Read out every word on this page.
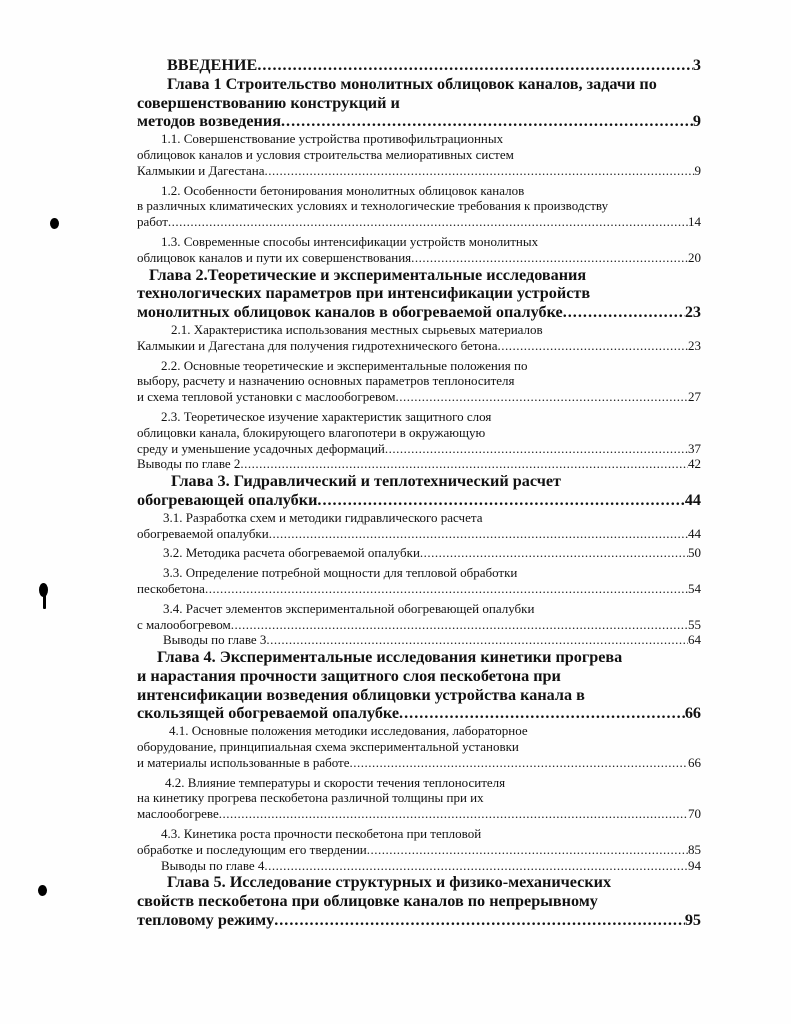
ВВЕДЕНИЕ .....	3
Глава 1 Строительство монолитных облицовок каналов, задачи по
совершенствованию конструкций и
методов возведения .....	9
1.1. Совершенствование устройства противофильтрационных
облицовок каналов и условия строительства мелиоративных систем
Калмыкии и Дагестана .....	9
1.2. Особенности бетонирования монолитных облицовок каналов
в различных климатических условиях и технологические требования к производству
работ .....	14
1.3. Современные способы интенсификации устройств монолитных
облицовок каналов и пути их совершенствования .....	20
Глава 2.Теоретические и экспериментальные исследования
технологических параметров при интенсификации устройств
монолитных облицовок каналов в обогреваемой опалубке .....	23
2.1. Характеристика использования местных сырьевых материалов
Калмыкии и Дагестана для получения гидротехнического бетона .....	23
2.2. Основные теоретические и экспериментальные положения по
выбору, расчету и назначению основных параметров теплоносителя
и схема тепловой установки с маслообогревом .....	27
2.3. Теоретическое изучение характеристик защитного слоя
облицовки канала, блокирующего влагопотери в окружающую
среду и уменьшение усадочных деформаций .....	37
Выводы по главе 2 .....	42
Глава 3. Гидравлический и теплотехнический расчет
обогревающей опалубки .....	44
3.1. Разработка схем и методики гидравлического расчета
обогреваемой опалубки .....	44
3.2. Методика расчета обогреваемой опалубки .....	50
3.3. Определение потребной мощности для тепловой обработки
пескобетона .....	54
3.4. Расчет элементов экспериментальной обогревающей опалубки
с малообогревом .....	55
Выводы по главе 3 .....	64
Глава 4. Экспериментальные исследования кинетики прогрева
и нарастания прочности защитного слоя пескобетона при
интенсификации возведения облицовки устройства канала в
скользящей обогреваемой опалубке .....	66
4.1. Основные положения методики исследования, лабораторное
оборудование, принципиальная схема экспериментальной установки
и материалы использованные в работе .....	66
4.2. Влияние температуры и скорости течения теплоносителя
на кинетику прогрева пескобетона различной толщины при их
маслообогреве .....	70
4.3. Кинетика роста прочности пескобетона при тепловой
обработке и последующим его твердении .....	85
Выводы по главе 4 .....	94
Глава 5. Исследование структурных и физико-механических
свойств пескобетона при облицовке каналов по непрерывному
тепловому режиму .....	95
